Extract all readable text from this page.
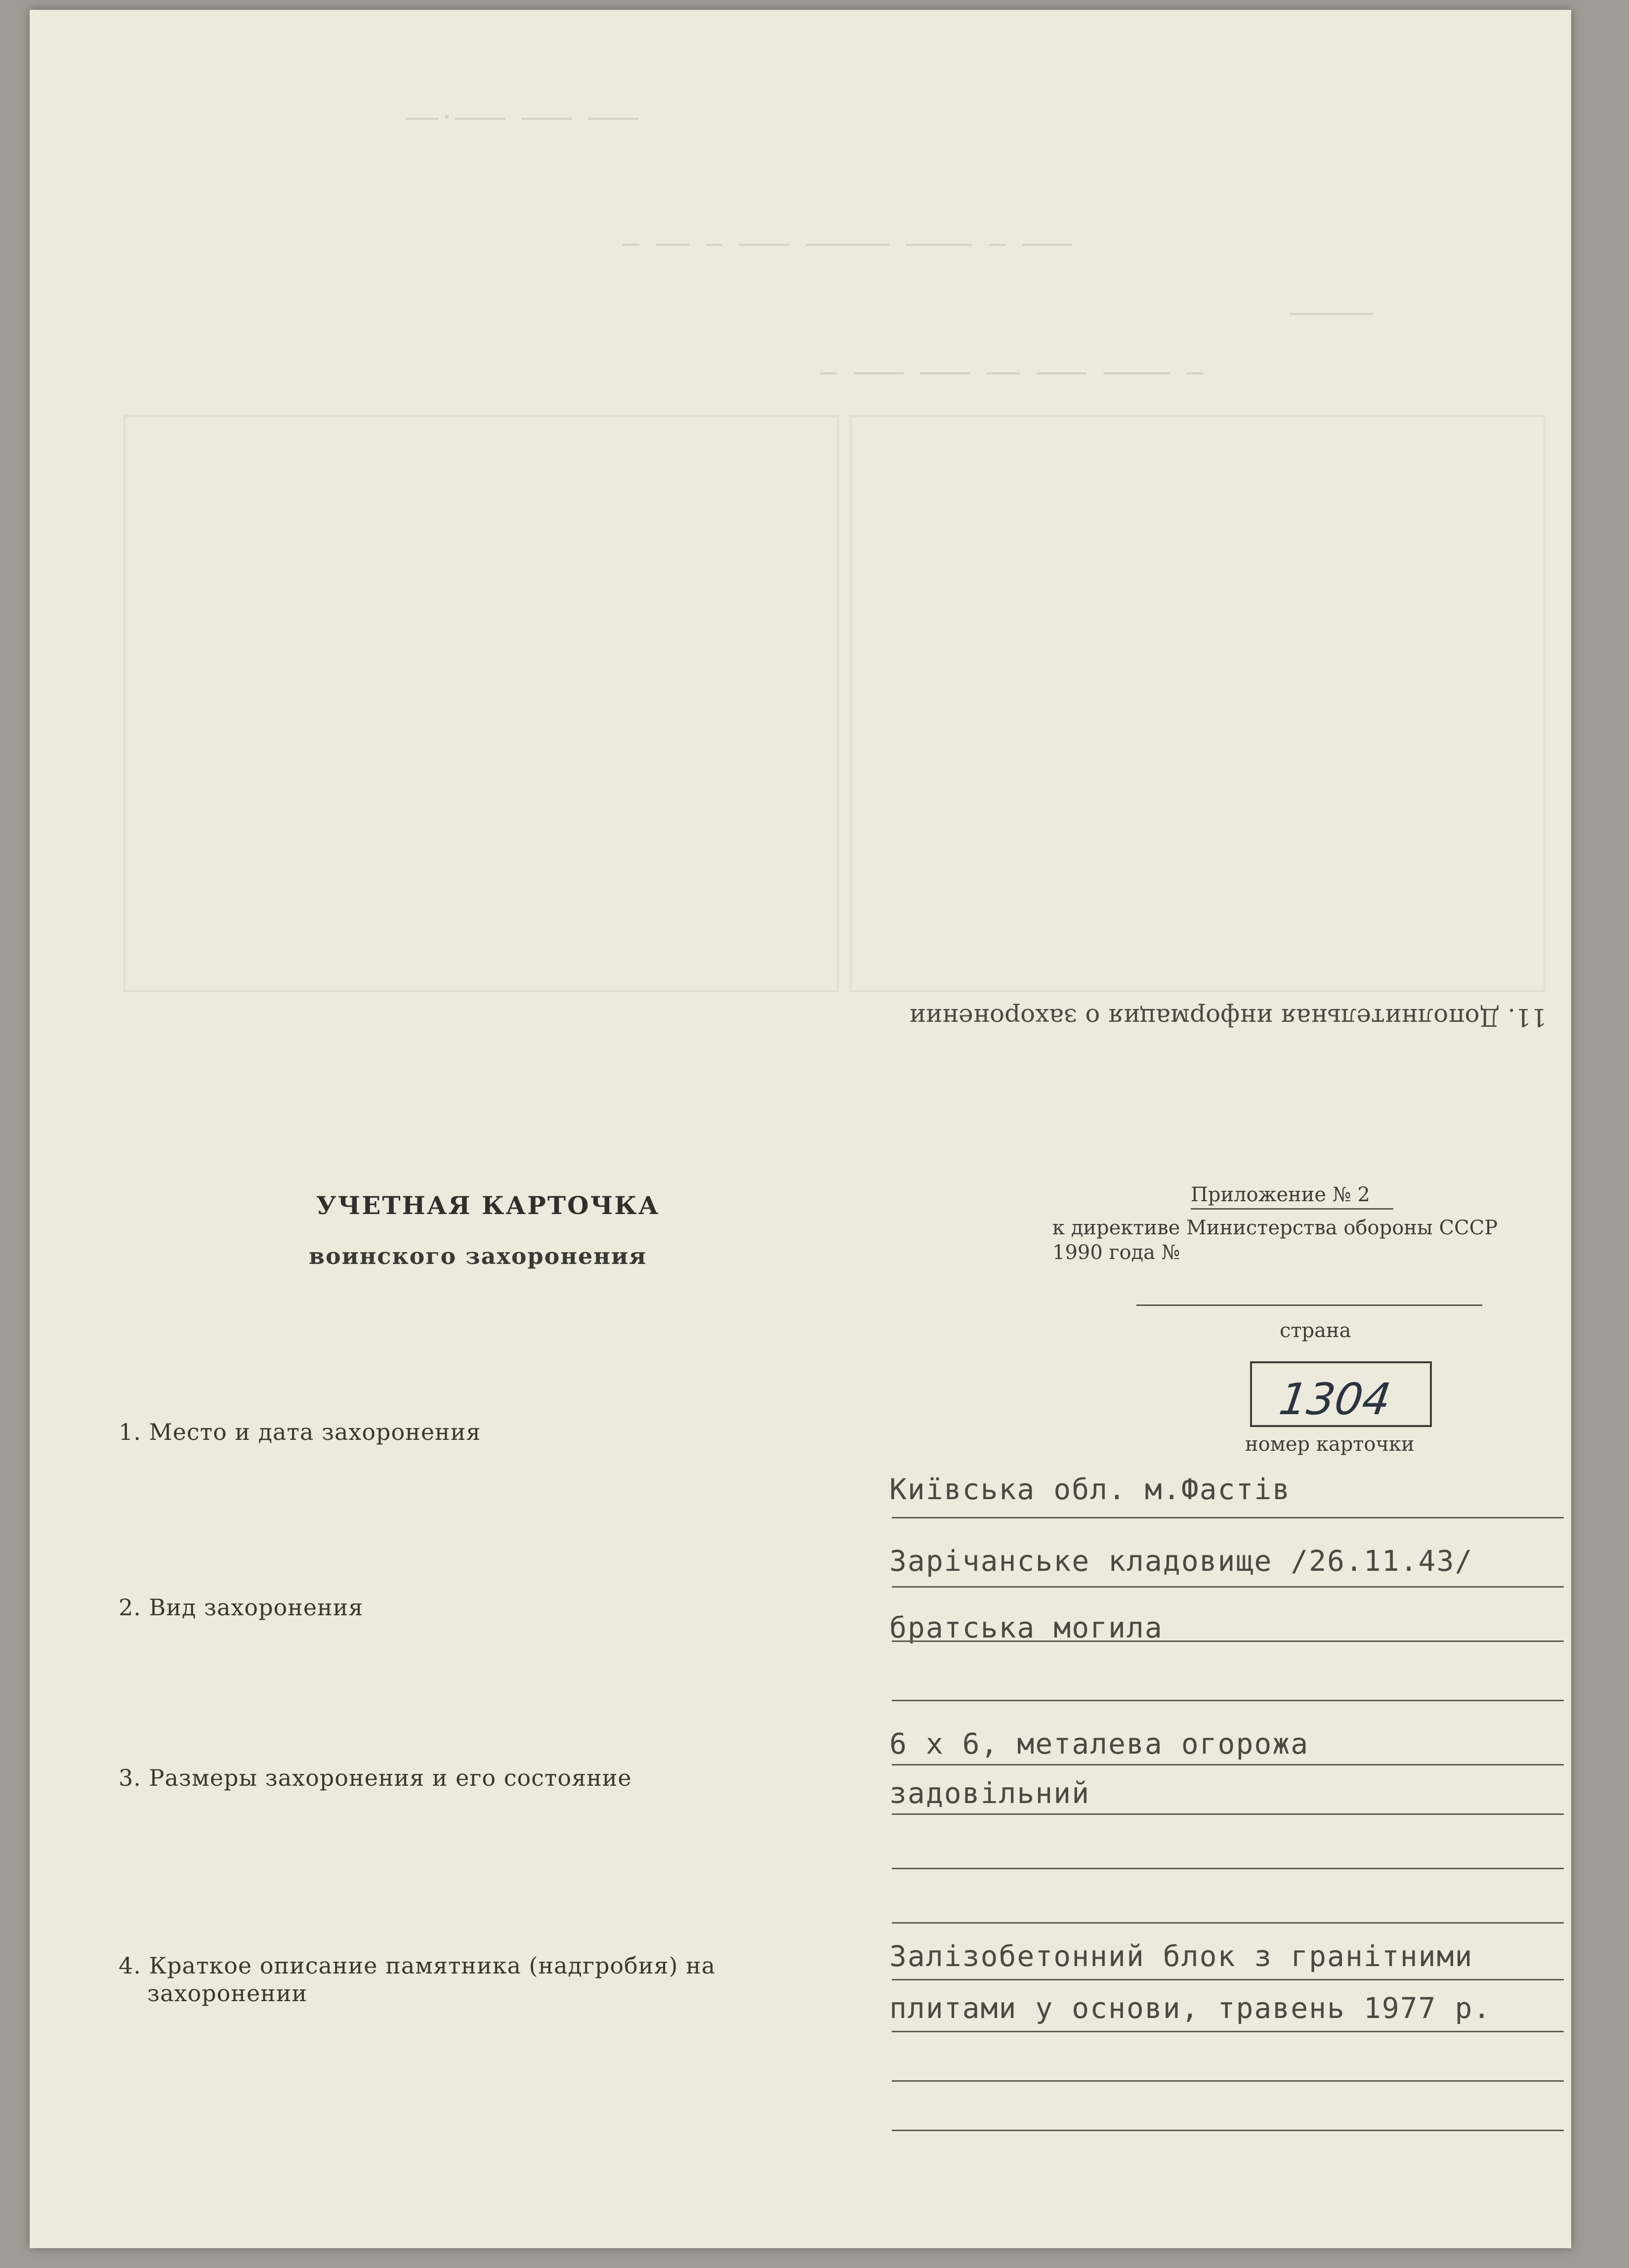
——·——— ——— ———
— —— — ——— ————— ———— — ———
—————
— ——— ——— —— ——— ———— —
11. Дополнительная информация о захоронении
УЧЕТНАЯ КАРТОЧКА
воинского захоронения
Приложение № 2
к директиве Министерства обороны СССР
1990 года №
страна
1304
номер карточки
1. Место и дата захоронения
Київська обл. м.Фастів
Зарічанське кладовище /26.11.43/
2. Вид захоронения
братська могила
3. Размеры захоронения и его состояние
6 х 6, металева огорожа
задовільний
4. Краткое описание памятника (надгробия) на
захоронении
Залізобетонний блок з гранітними
плитами у основи, травень 1977 р.
